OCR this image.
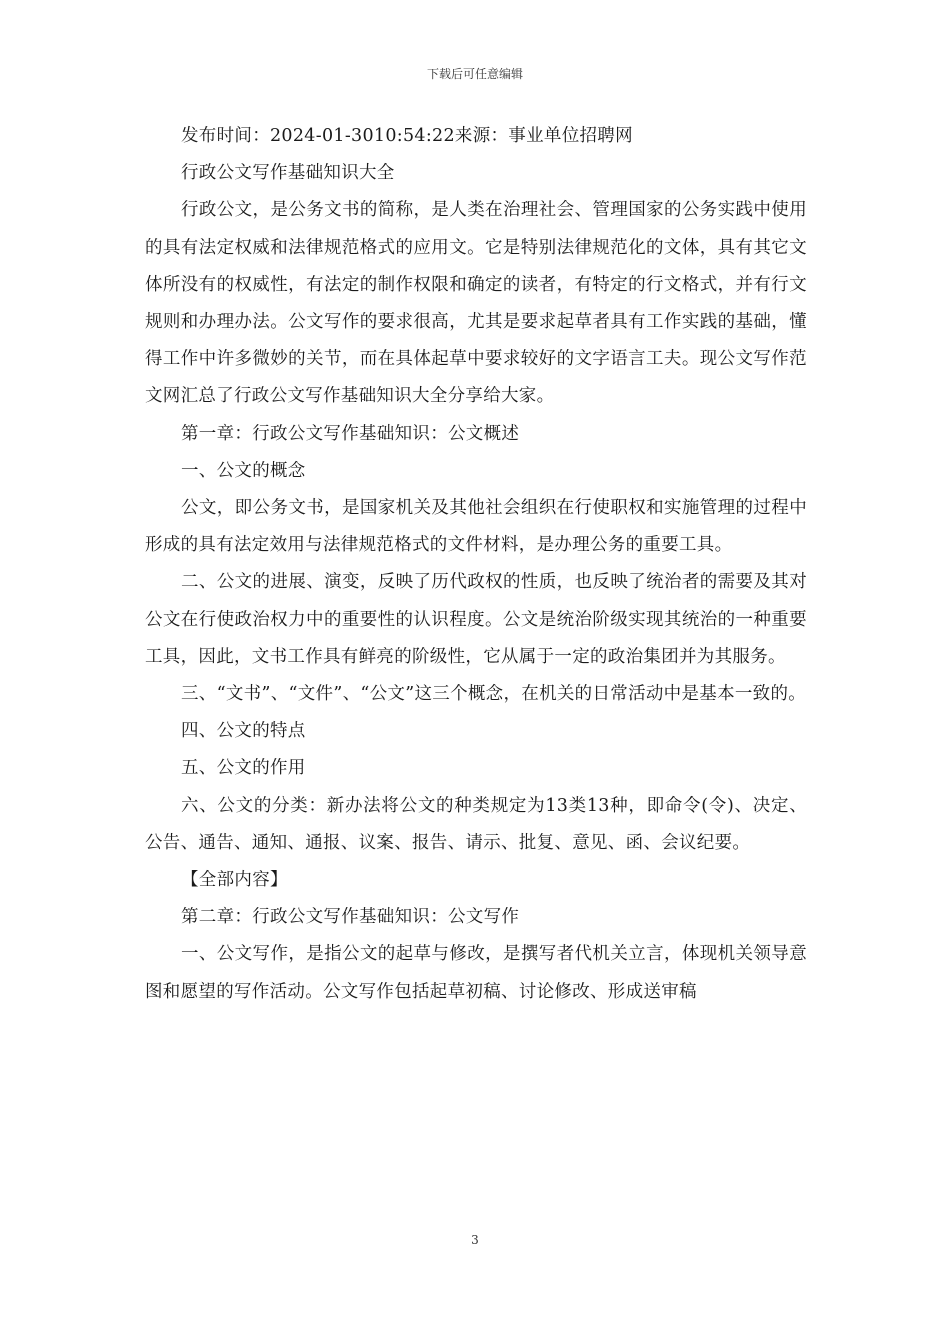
下载后可任意编辑

发布时间：2024-01-3010:54:22来源：事业单位招聘网

行政公文写作基础知识大全

行政公文，是公务文书的简称，是人类在治理社会、管理国家的公务实践中使用的具有法定权威和法律规范格式的应用文。它是特别法律规范化的文体，具有其它文体所没有的权威性，有法定的制作权限和确定的读者，有特定的行文格式，并有行文规则和办理办法。公文写作的要求很高，尤其是要求起草者具有工作实践的基础，懂得工作中许多微妙的关节，而在具体起草中要求较好的文字语言工夫。现公文写作范文网汇总了行政公文写作基础知识大全分享给大家。

第一章：行政公文写作基础知识：公文概述

一、公文的概念

公文，即公务文书，是国家机关及其他社会组织在行使职权和实施管理的过程中形成的具有法定效用与法律规范格式的文件材料，是办理公务的重要工具。

二、公文的进展、演变，反映了历代政权的性质，也反映了统治者的需要及其对公文在行使政治权力中的重要性的认识程度。公文是统治阶级实现其统治的一种重要工具，因此，文书工作具有鲜亮的阶级性，它从属于一定的政治集团并为其服务。

三、“文书”、“文件”、“公文”这三个概念，在机关的日常活动中是基本一致的。

四、公文的特点

五、公文的作用

六、公文的分类：新办法将公文的种类规定为13类13种，即命令(令)、决定、公告、通告、通知、通报、议案、报告、请示、批复、意见、函、会议纪要。

【全部内容】

第二章：行政公文写作基础知识：公文写作

一、公文写作，是指公文的起草与修改，是撰写者代机关立言，体现机关领导意图和愿望的写作活动。公文写作包括起草初稿、讨论修改、形成送审稿

3
